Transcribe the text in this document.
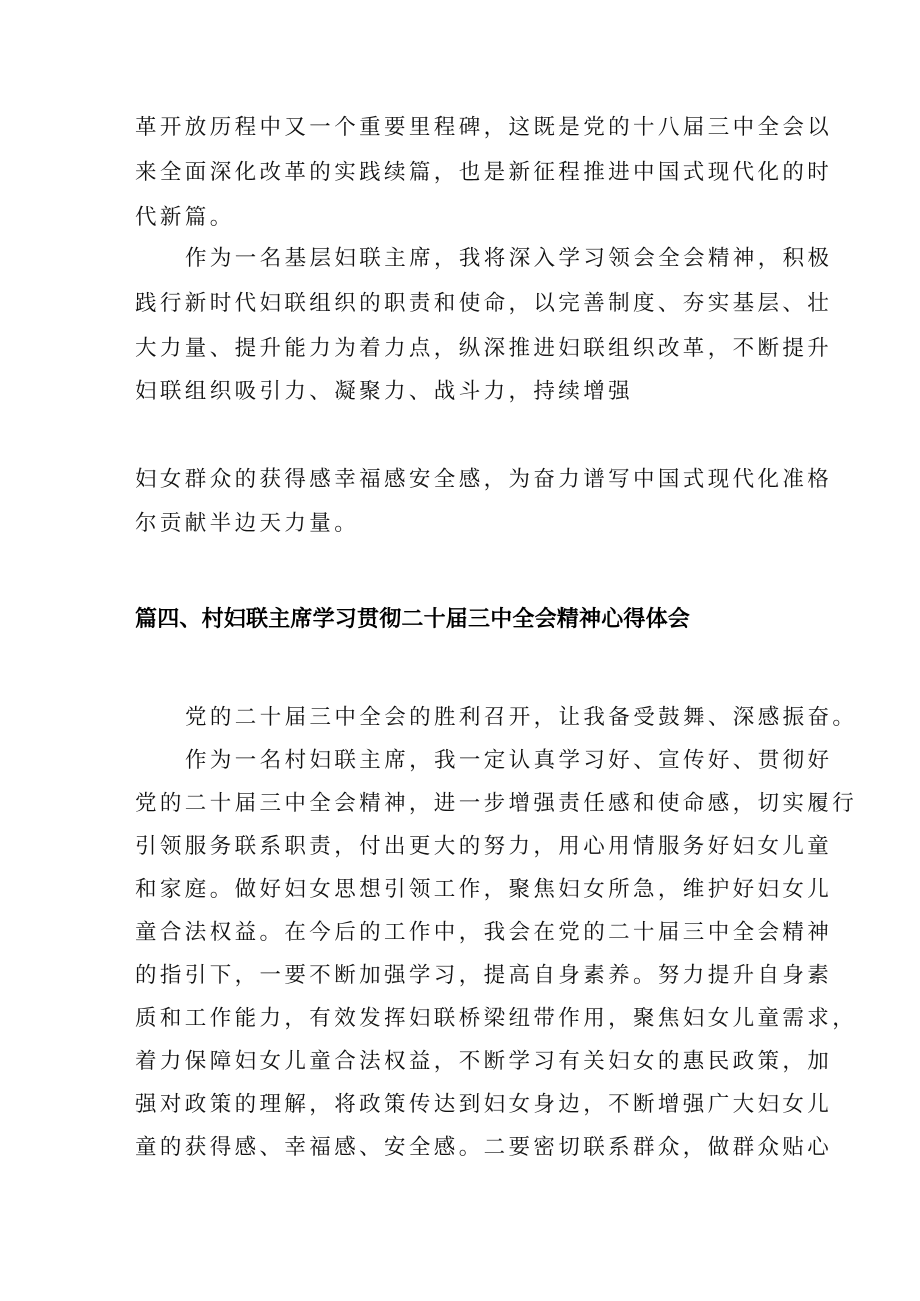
革开放历程中又一个重要里程碑，这既是党的十八届三中全会以

来全面深化改革的实践续篇，也是新征程推进中国式现代化的时

代新篇。

作为一名基层妇联主席，我将深入学习领会全会精神，积极

践行新时代妇联组织的职责和使命，以完善制度、夯实基层、壮

大力量、提升能力为着力点，纵深推进妇联组织改革，不断提升

妇联组织吸引力、凝聚力、战斗力，持续增强

妇女群众的获得感幸福感安全感，为奋力谱写中国式现代化准格

尔贡献半边天力量。

篇四、村妇联主席学习贯彻二十届三中全会精神心得体会

党的二十届三中全会的胜利召开，让我备受鼓舞、深感振奋。

作为一名村妇联主席，我一定认真学习好、宣传好、贯彻好

党的二十届三中全会精神，进一步增强责任感和使命感，切实履行

引领服务联系职责，付出更大的努力，用心用情服务好妇女儿童

和家庭。做好妇女思想引领工作，聚焦妇女所急，维护好妇女儿

童合法权益。在今后的工作中，我会在党的二十届三中全会精神

的指引下，一要不断加强学习，提高自身素养。努力提升自身素

质和工作能力，有效发挥妇联桥梁纽带作用，聚焦妇女儿童需求，

着力保障妇女儿童合法权益，不断学习有关妇女的惠民政策，加

强对政策的理解，将政策传达到妇女身边，不断增强广大妇女儿

童的获得感、幸福感、安全感。二要密切联系群众，做群众贴心
